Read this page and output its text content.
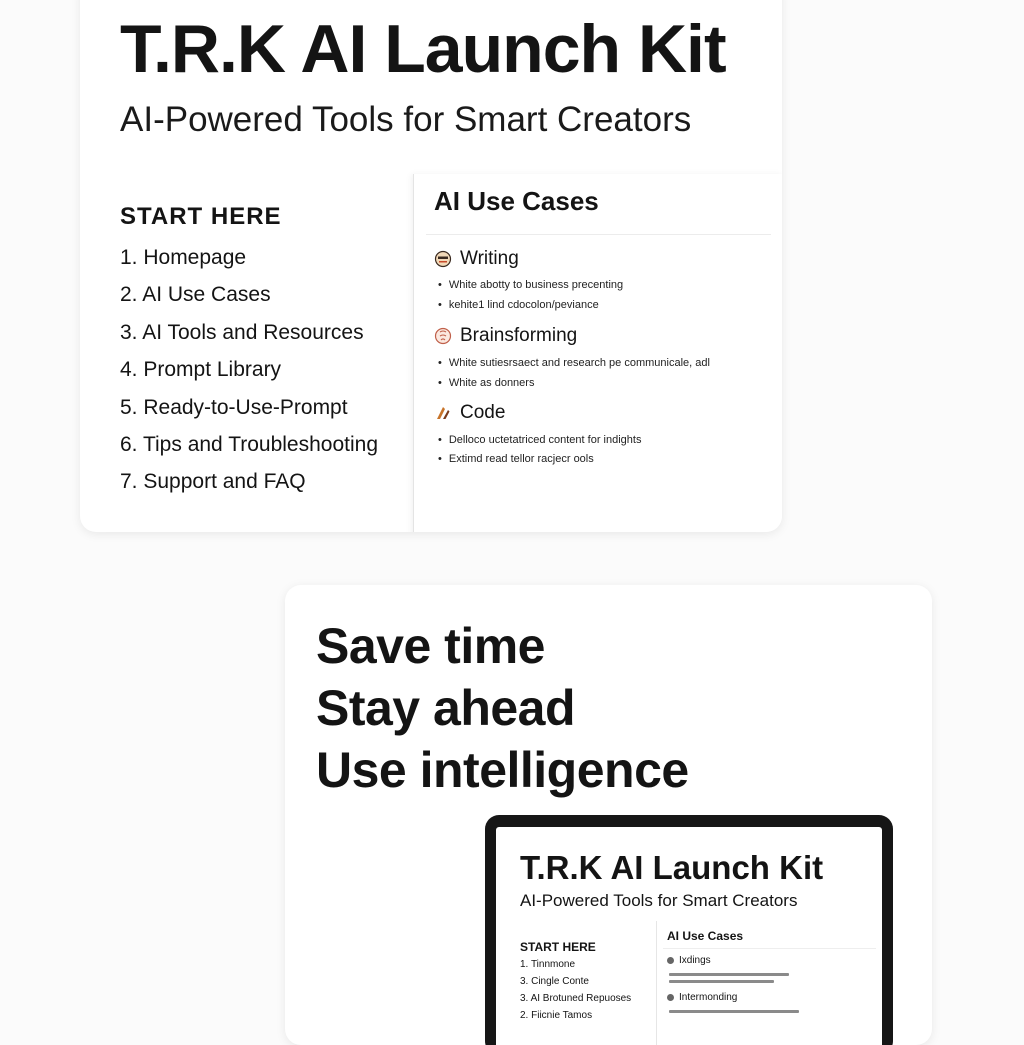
T.R.K AI Launch Kit
AI-Powered Tools for Smart Creators
START HERE
1. Homepage
2. AI Use Cases
3. AI Tools and Resources
4. Prompt Library
5. Ready-to-Use-Prompt
6. Tips and Troubleshooting
7. Support and FAQ
AI Use Cases
Writing
• White abotty to business precenting
• kehite1 lind cdocolon/peviance
Brainsforming
• White sutiesrsaect and research pe communicale, adl
• White as donners
Code
• Delloco uctetatriced content for indights
• Extimd read tellor racjecr ools
Save time
Stay ahead
Use intelligence
T.R.K AI Launch Kit
AI-Powered Tools for Smart Creators
START HERE
1. Tinnmone
3. Cingle Conte
3. AI Brotuned Repuoses
2. Fiicnie Tamos
AI Use Cases
Ixdings
Intermonding
